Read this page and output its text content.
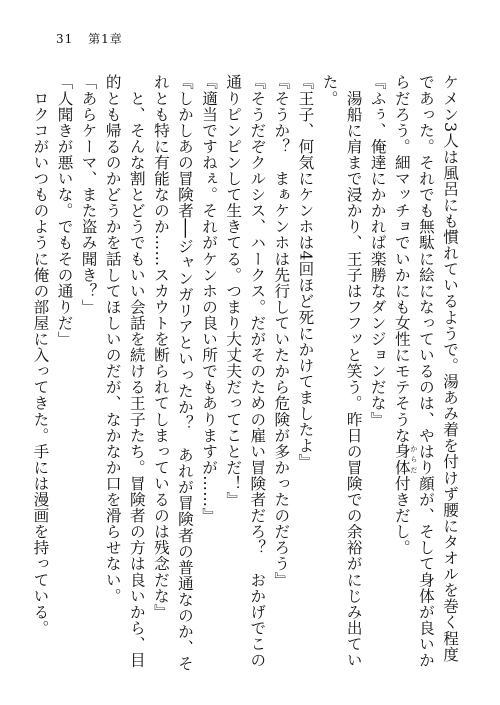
31 第1章

ケメン3人は風呂にも慣れているようで。湯あみ着を付けず腰にタオルを巻く程度であった。それでも無駄に絵になっているのは、やはり顔が、そして身体が良いからだろう。細マッチョでいかにも女性にモテそうな身体 からだ付きだし。

『ふぅ、俺達にかかれば楽勝なダンジョンだな』

　湯船に肩まで浸かり、王子はフフッと笑う。昨日の冒険での余裕がにじみ出ていた。

『王子、何気にケンホは4回ほど死にかけてましたよ』

『そうか？　まぁケンホは先行していたから危険が多かったのだろう』

『そうだぞクルシス、ハークス。だがそのための雇い冒険者だろ？　おかげでこの通りピンピンして生きてる。つまり大丈夫だってことだ！』

『適当ですねぇ。それがケンホの良い所でもありますが……』

『しかしあの冒険者──ジャンガリアといったか？　あれが冒険者の普通なのか、それとも特に有能なのか……スカウトを断られてしまっているのは残念だな』

　と、そんな割とどうでもいい会話を続ける王子たち。冒険者の方は良いから、目的とも帰るのかどうかを話してほしいのだが、なかなか口を滑らせない。

「あらケーマ、また盗み聞き？」

「人聞きが悪いな。でもその通りだ」

　ロクコがいつものように俺の部屋に入ってきた。手には漫画を持っている。
